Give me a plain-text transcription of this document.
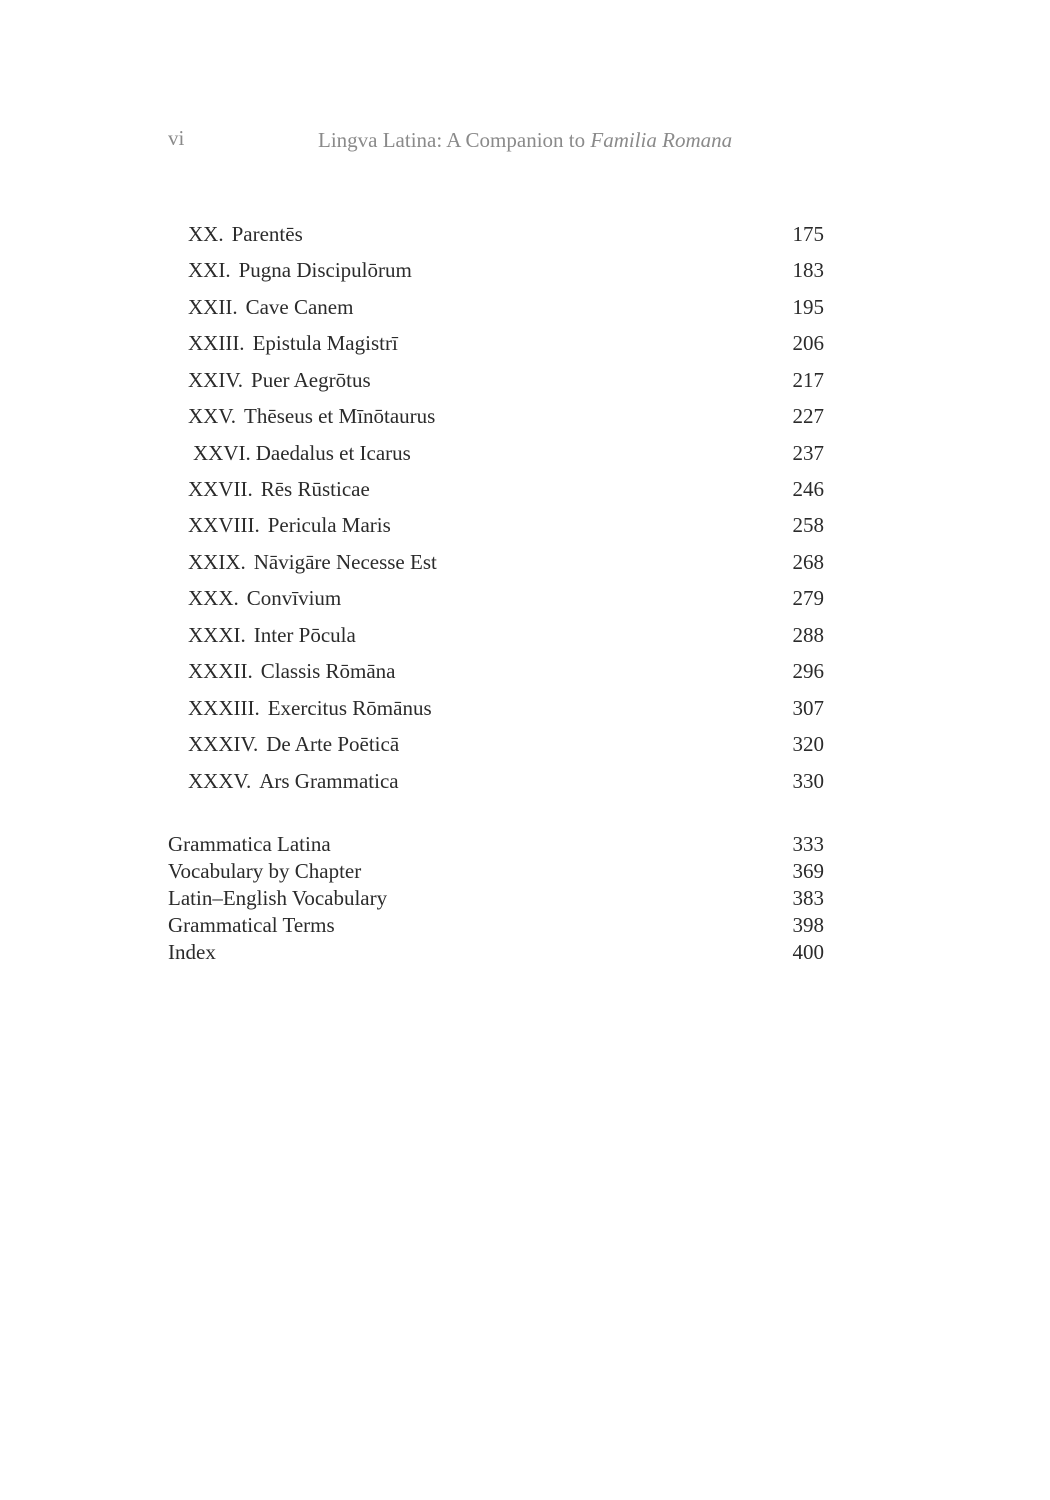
vi	Lingva Latina: A Companion to Familia Romana
XX. Parentēs	175
XXI. Pugna Discipulōrum	183
XXII. Cave Canem	195
XXIII. Epistula Magistrī	206
XXIV. Puer Aegrōtus	217
XXV. Thēseus et Mīnōtaurus	227
XXVI. Daedalus et Icarus	237
XXVII. Rēs Rūsticae	246
XXVIII. Pericula Maris	258
XXIX. Nāvigāre Necesse Est	268
XXX. Convīvium	279
XXXI. Inter Pōcula	288
XXXII. Classis Rōmāna	296
XXXIII. Exercitus Rōmānus	307
XXXIV. De Arte Poēticā	320
XXXV. Ars Grammatica	330
Grammatica Latina	333
Vocabulary by Chapter	369
Latin–English Vocabulary	383
Grammatical Terms	398
Index	400
